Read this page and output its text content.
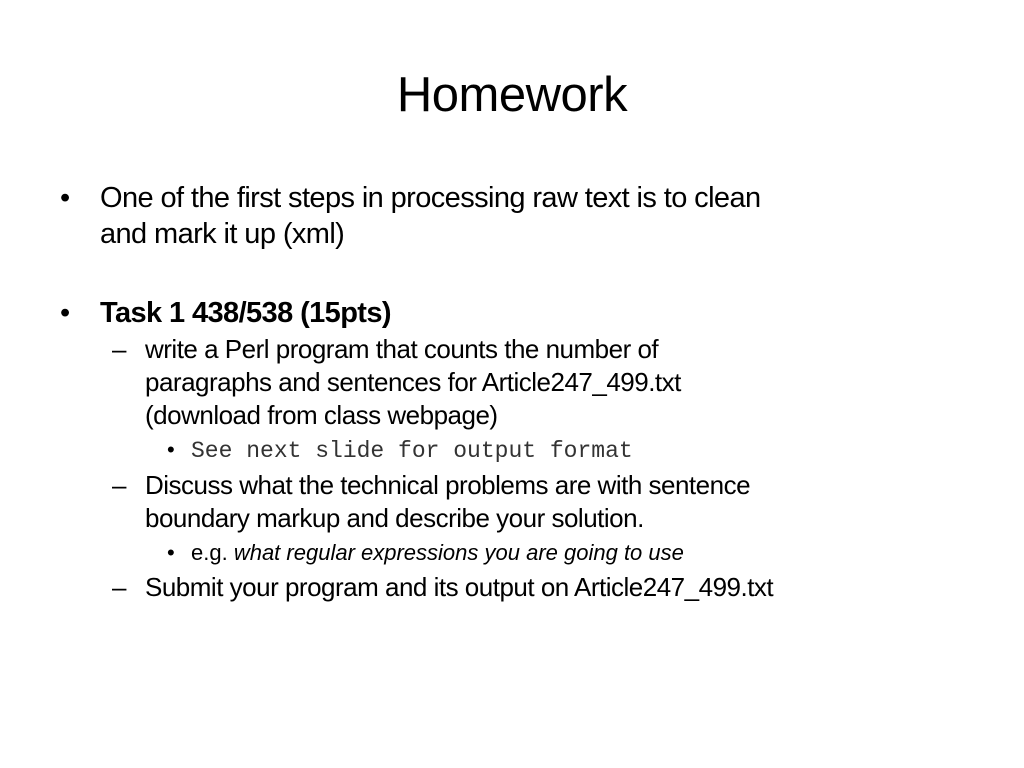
Homework
• One of the first steps in processing raw text is to clean
and mark it up (xml)
• Task 1 438/538 (15pts)
– write a Perl program that counts the number of
paragraphs and sentences for Article247_499.txt
(download from class webpage)
• See next slide for output format
– Discuss what the technical problems are with sentence
boundary markup and describe your solution.
• e.g. what regular expressions you are going to use
– Submit your program and its output on Article247_499.txt
